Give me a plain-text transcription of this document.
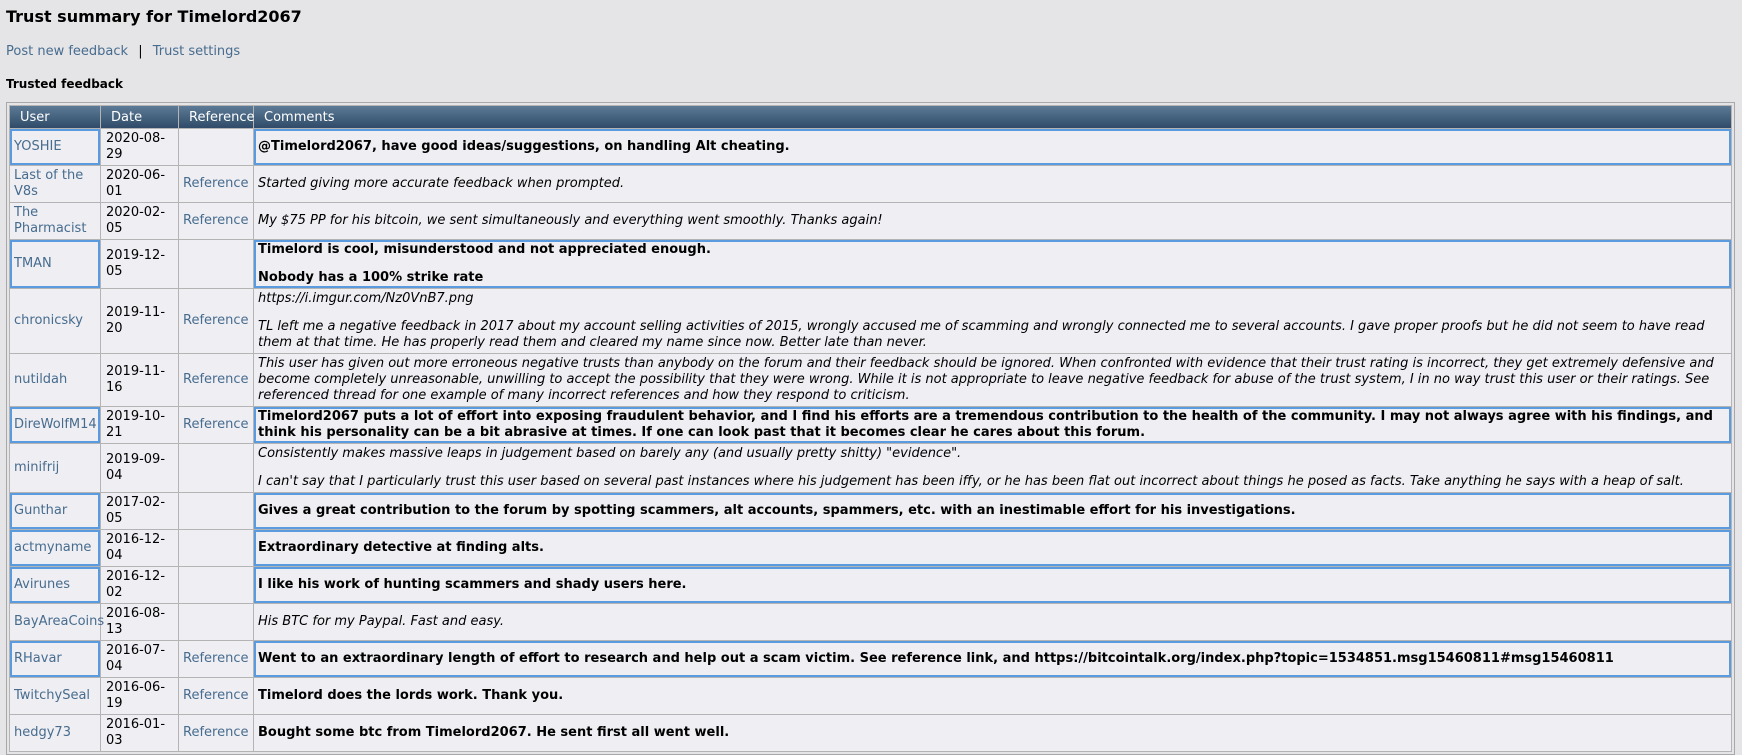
Trust summary for Timelord2067
Post new feedback | Trust settings
Trusted feedback
User	Date	Reference	Comments
YOSHIE	2020-08-29		@Timelord2067, have good ideas/suggestions, on handling Alt cheating.

Last of the V8s	2020-06-01	Reference	Started giving more accurate feedback when prompted.

The Pharmacist	2020-02-05	Reference	My $75 PP for his bitcoin, we sent simultaneously and everything went smoothly. Thanks again!

TMAN	2019-12-05		Timelord is cool, misunderstood and not appreciated enough.
Nobody has a 100% strike rate

chronicsky	2019-11-20	Reference	https://i.imgur.com/Nz0VnB7.png
TL left me a negative feedback in 2017 about my account selling activities of 2015, wrongly accused me of scamming and wrongly connected me to several accounts. I gave proper proofs but he did not seem to have read them at that time. He has properly read them and cleared my name since now. Better late than never.

nutildah	2019-11-16	Reference	This user has given out more erroneous negative trusts than anybody on the forum and their feedback should be ignored. When confronted with evidence that their trust rating is incorrect, they get extremely defensive and become completely unreasonable, unwilling to accept the possibility that they were wrong. While it is not appropriate to leave negative feedback for abuse of the trust system, I in no way trust this user or their ratings. See referenced thread for one example of many incorrect references and how they respond to criticism.

DireWolfM14	2019-10-21	Reference	Timelord2067 puts a lot of effort into exposing fraudulent behavior, and I find his efforts are a tremendous contribution to the health of the community. I may not always agree with his findings, and think his personality can be a bit abrasive at times. If one can look past that it becomes clear he cares about this forum.

minifrij	2019-09-04		Consistently makes massive leaps in judgement based on barely any (and usually pretty shitty) "evidence".
I can't say that I particularly trust this user based on several past instances where his judgement has been iffy, or he has been flat out incorrect about things he posed as facts. Take anything he says with a heap of salt.

Gunthar	2017-02-05		Gives a great contribution to the forum by spotting scammers, alt accounts, spammers, etc. with an inestimable effort for his investigations.

actmyname	2016-12-04		Extraordinary detective at finding alts.

Avirunes	2016-12-02		I like his work of hunting scammers and shady users here.

BayAreaCoins	2016-08-13		His BTC for my Paypal. Fast and easy.

RHavar	2016-07-04	Reference	Went to an extraordinary length of effort to research and help out a scam victim. See reference link, and https://bitcointalk.org/index.php?topic=1534851.msg15460811#msg15460811

TwitchySeal	2016-06-19	Reference	Timelord does the lords work. Thank you.

hedgy73	2016-01-03	Reference	Bought some btc from Timelord2067. He sent first all went well.
